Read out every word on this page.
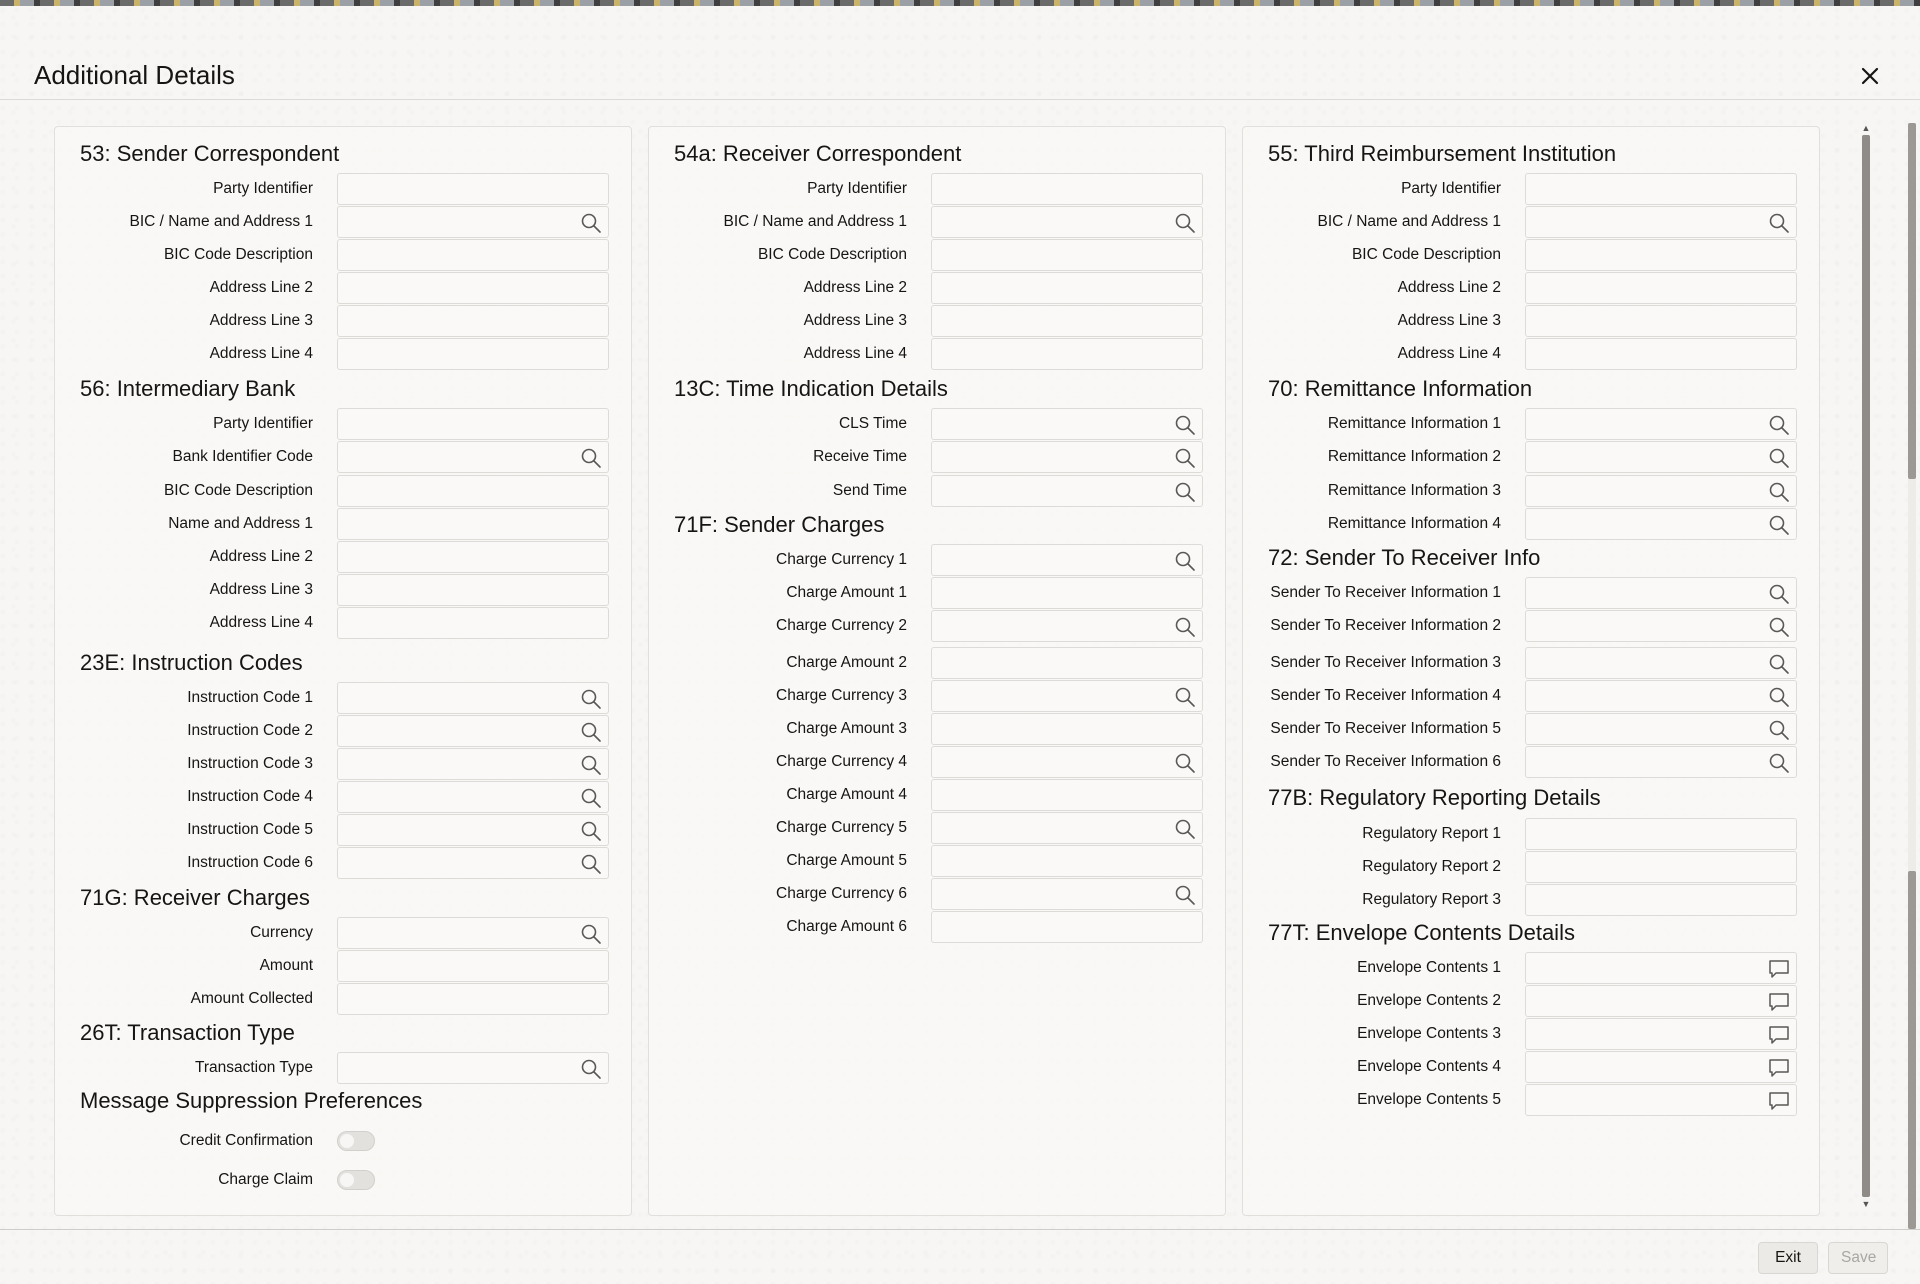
Additional Details
53: Sender Correspondent
Party Identifier
BIC / Name and Address 1
BIC Code Description
Address Line 2
Address Line 3
Address Line 4
56: Intermediary Bank
Party Identifier
Bank Identifier Code
BIC Code Description
Name and Address 1
Address Line 2
Address Line 3
Address Line 4
23E: Instruction Codes
Instruction Code 1
Instruction Code 2
Instruction Code 3
Instruction Code 4
Instruction Code 5
Instruction Code 6
71G: Receiver Charges
Currency
Amount
Amount Collected
26T: Transaction Type
Transaction Type
Message Suppression Preferences
Credit Confirmation
Charge Claim
54a: Receiver Correspondent
Party Identifier
BIC / Name and Address 1
BIC Code Description
Address Line 2
Address Line 3
Address Line 4
13C: Time Indication Details
CLS Time
Receive Time
Send Time
71F: Sender Charges
Charge Currency 1
Charge Amount 1
Charge Currency 2
Charge Amount 2
Charge Currency 3
Charge Amount 3
Charge Currency 4
Charge Amount 4
Charge Currency 5
Charge Amount 5
Charge Currency 6
Charge Amount 6
55: Third Reimbursement Institution
Party Identifier
BIC / Name and Address 1
BIC Code Description
Address Line 2
Address Line 3
Address Line 4
70: Remittance Information
Remittance Information 1
Remittance Information 2
Remittance Information 3
Remittance Information 4
72: Sender To Receiver Info
Sender To Receiver Information 1
Sender To Receiver Information 2
Sender To Receiver Information 3
Sender To Receiver Information 4
Sender To Receiver Information 5
Sender To Receiver Information 6
77B: Regulatory Reporting Details
Regulatory Report 1
Regulatory Report 2
Regulatory Report 3
77T: Envelope Contents Details
Envelope Contents 1
Envelope Contents 2
Envelope Contents 3
Envelope Contents 4
Envelope Contents 5
▲
▼
Exit	Save
